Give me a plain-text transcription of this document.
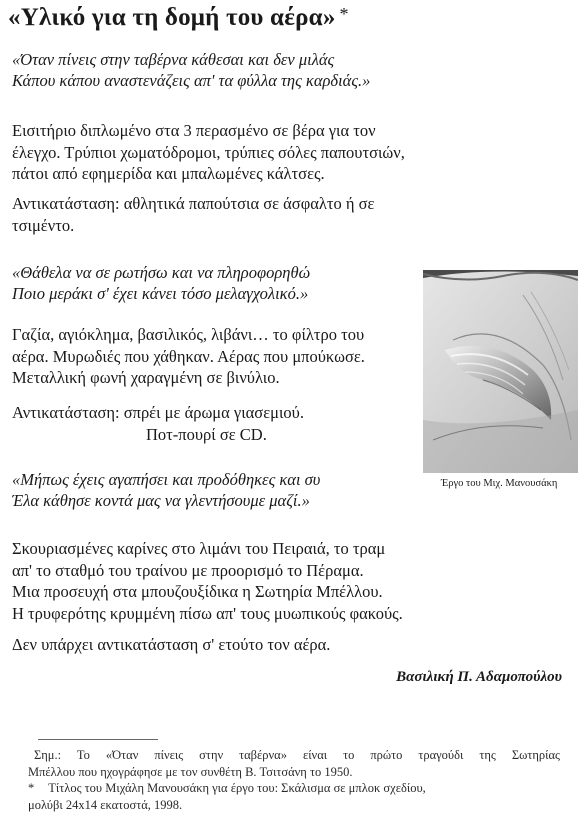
«Υλικό για τη δομή του αέρα» *
«Όταν πίνεις στην ταβέρνα κάθεσαι και δεν μιλάς
Κάπου κάπου αναστενάζεις απ' τα φύλλα της καρδιάς.»
Εισιτήριο διπλωμένο στα 3 περασμένο σε βέρα για τον
έλεγχο. Τρύπιοι χωματόδρομοι, τρύπιες σόλες παπουτσιών,
πάτοι από εφημερίδα και μπαλωμένες κάλτσες.
Αντικατάσταση: αθλητικά παπούτσια σε άσφαλτο ή σε
τσιμέντο.
«Θάθελα να σε ρωτήσω και να πληροφορηθώ
Ποιο μεράκι σ' έχει κάνει τόσο μελαγχολικό.»
Γαζία, αγιόκλημα, βασιλικός, λιβάνι… το φίλτρο του
αέρα. Μυρωδιές που χάθηκαν. Αέρας που μπούκωσε.
Μεταλλική φωνή χαραγμένη σε βινύλιο.
Αντικατάσταση: σπρέι με άρωμα γιασεμιού.
Ποτ-πουρί σε CD.
«Μήπως έχεις αγαπήσει και προδόθηκες και συ
Έλα κάθησε κοντά μας να γλεντήσουμε μαζί.»
Σκουριασμένες καρίνες στο λιμάνι του Πειραιά, το τραμ
απ' το σταθμό του τραίνου με προορισμό το Πέραμα.
Μια προσευχή στα μπουζουξίδικα η Σωτηρία Μπέλλου.
Η τρυφερότης κρυμμένη πίσω απ' τους μυωπικούς φακούς.
Δεν υπάρχει αντικατάσταση σ' ετούτο τον αέρα.
Βασιλική Π. Αδαμοπούλου
Έργο του Μιχ. Μανουσάκη
Σημ.: Το «Όταν πίνεις στην ταβέρνα» είναι το πρώτο τραγούδι της Σωτηρίας
Μπέλλου που ηχογράφησε με τον συνθέτη Β. Τσιτσάνη το 1950.
* Τίτλος του Μιχάλη Μανουσάκη για έργο του: Σκάλισμα σε μπλοκ σχεδίου,
μολύβι 24x14 εκατοστά, 1998.
